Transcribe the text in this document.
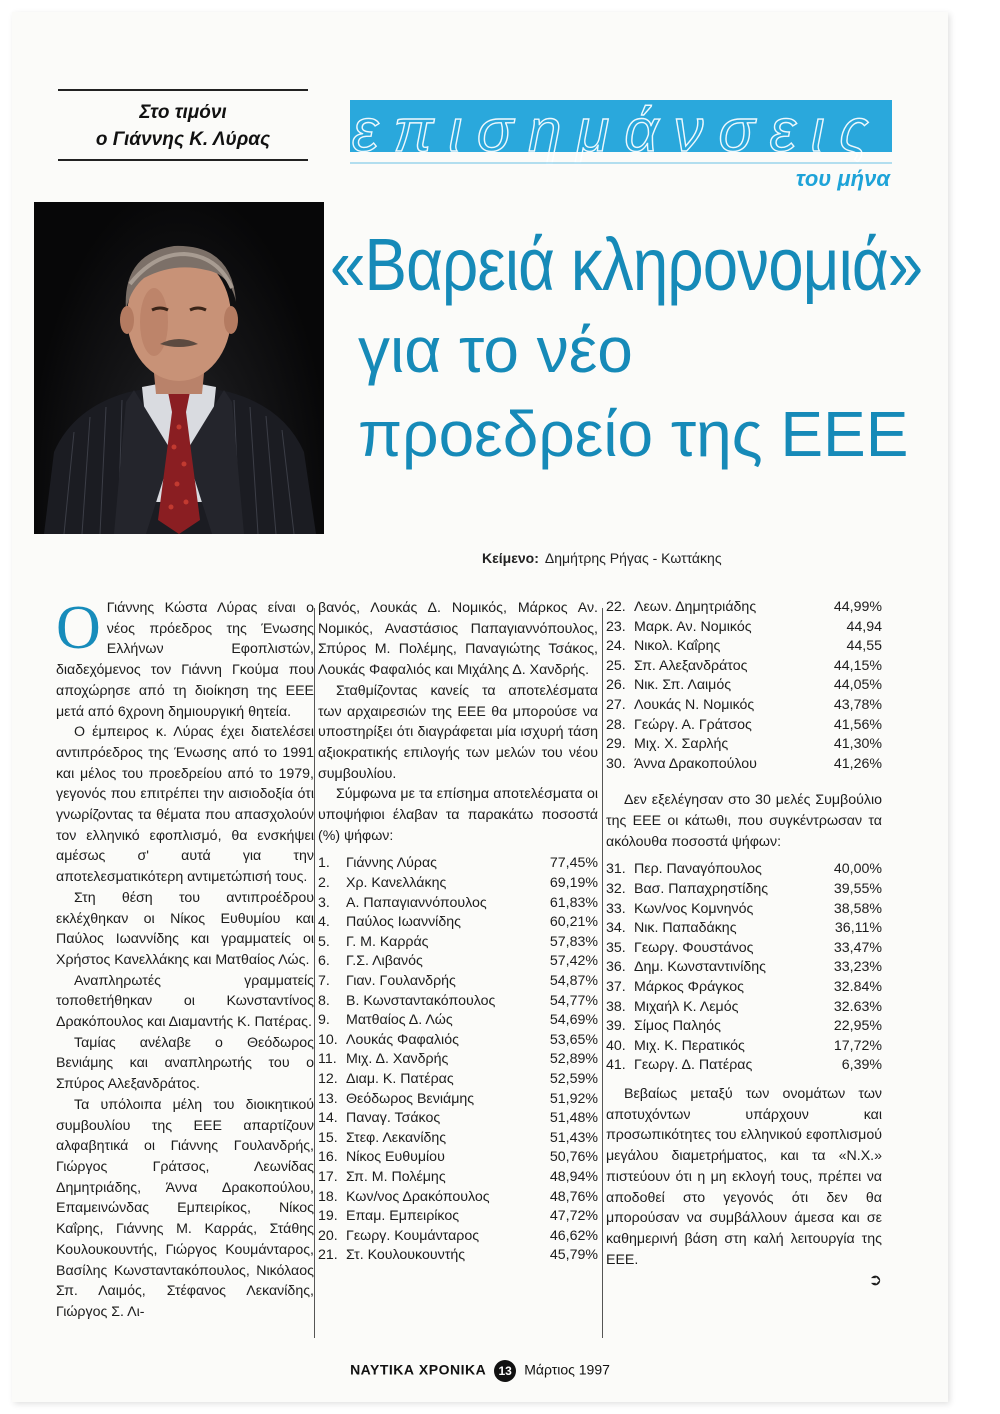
Στο τιμόνι
ο Γιάννης Κ. Λύρας	επισημάνσεις
του μήνα
«Βαρειά κληρονομιά»
για το νέο
προεδρείο της ΕΕΕ
Κείμενο: Δημήτρης Ρήγας - Κωττάκης
Ο Γιάννης Κώστα Λύρας είναι ο νέος πρόεδρος της Ένωσης Ελλήνων Εφοπλιστών, διαδεχόμενος τον Γιάννη Γκούμα που αποχώρησε από τη διοίκηση της ΕΕΕ μετά από 6χρονη δημιουργική θητεία.

Ο έμπειρος κ. Λύρας έχει διατελέσει αντιπρόεδρος της Ένωσης από το 1991 και μέλος του προεδρείου από το 1979, γεγονός που επιτρέπει την αισιοδοξία ότι γνωρίζοντας τα θέματα που απασχολούν τον ελληνικό εφοπλισμό, θα ενσκήψει αμέσως σ' αυτά για την αποτελεσματικότερη αντιμετώπισή τους.

Στη θέση του αντιπροέδρου εκλέχθηκαν οι Νίκος Ευθυμίου και Παύλος Ιωαννίδης και γραμματείς οι Χρήστος Κανελλάκης και Ματθαίος Λώς.

Αναπληρωτές γραμματείς τοποθετήθηκαν οι Κωνσταντίνος Δρακόπουλος και Διαμαντής Κ. Πατέρας.

Ταμίας ανέλαβε ο Θεόδωρος Βενιάμης και αναπληρωτής του ο Σπύρος Αλεξανδράτος.

Τα υπόλοιπα μέλη του διοικητικού συμβουλίου της ΕΕΕ απαρτίζουν αλφαβητικά οι Γιάννης Γουλανδρής, Γιώργος Γράτσος, Λεωνίδας Δημητριάδης, Άννα Δρακοπούλου, Επαμεινώνδας Εμπειρίκος, Νίκος Καΐρης, Γιάννης Μ. Καρράς, Στάθης Κουλουκουντής, Γιώργος Κουμάνταρος, Βασίλης Κωνσταντακόπουλος, Νικόλαος Σπ. Λαιμός, Στέφανος Λεκανίδης, Γιώργος Σ. Λι-

βανός, Λουκάς Δ. Νομικός, Μάρκος Αν. Νομικός, Αναστάσιος Παπαγιαννόπουλος, Σπύρος Μ. Πολέμης, Παναγιώτης Τσάκος, Λουκάς Φαφαλιός και Μιχάλης Δ. Χανδρής.

Σταθμίζοντας κανείς τα αποτελέσματα των αρχαιρεσιών της ΕΕΕ θα μπορούσε να υποστηρίξει ότι διαγράφεται μία ισχυρή τάση αξιοκρατικής επιλογής των μελών του νέου συμβουλίου.

Σύμφωνα με τα επίσημα αποτελέσματα οι υποψήφιοι έλαβαν τα παρακάτω ποσοστά (%) ψήφων:

1.	Γιάννης Λύρας	77,45%
2.	Χρ. Κανελλάκης	69,19%
3.	Α. Παπαγιαννόπουλος	61,83%
4.	Παύλος Ιωαννίδης	60,21%
5.	Γ. Μ. Καρράς	57,83%
6.	Γ.Σ. Λιβανός	57,42%
7.	Γιαν. Γουλανδρής	54,87%
8.	Β. Κωνσταντακόπουλος	54,77%
9.	Ματθαίος Δ. Λώς	54,69%
10.	Λουκάς Φαφαλιός	53,65%
11.	Μιχ. Δ. Χανδρής	52,89%
12.	Διαμ. Κ. Πατέρας	52,59%
13.	Θεόδωρος Βενιάμης	51,92%
14.	Παναγ. Τσάκος	51,48%
15.	Στεφ. Λεκανίδης	51,43%
16.	Νίκος Ευθυμίου	50,76%
17.	Σπ. Μ. Πολέμης	48,94%
18.	Κων/νος Δρακόπουλος	48,76%
19.	Επαμ. Εμπειρίκος	47,72%
20.	Γεωργ. Κουμάνταρος	46,62%
21.	Στ. Κουλουκουντής	45,79%
22.	Λεων. Δημητριάδης	44,99%
23.	Μαρκ. Αν. Νομικός	44,94
24.	Νικολ. Καΐρης	44,55
25.	Σπ. Αλεξανδράτος	44,15%
26.	Νικ. Σπ. Λαιμός	44,05%
27.	Λουκάς Ν. Νομικός	43,78%
28.	Γεώργ. Α. Γράτσος	41,56%
29.	Μιχ. Χ. Σαρλής	41,30%
30.	Άννα Δρακοπούλου	41,26%

Δεν εξελέγησαν στο 30 μελές Συμβούλιο της ΕΕΕ οι κάτωθι, που συγκέντρωσαν τα ακόλουθα ποσοστά ψήφων:

31.	Περ. Παναγόπουλος	40,00%
32.	Βασ. Παπαχρηστίδης	39,55%
33.	Κων/νος Κομνηνός	38,58%
34.	Νικ. Παπαδάκης	36,11%
35.	Γεωργ. Φουστάνος	33,47%
36.	Δημ. Κωνσταντινίδης	33,23%
37.	Μάρκος Φράγκος	32.84%
38.	Μιχαήλ Κ. Λεμός	32.63%
39.	Σίμος Παληός	22,95%
40.	Μιχ. Κ. Περατικός	17,72%
41.	Γεωργ. Δ. Πατέρας	6,39%

Βεβαίως μεταξύ των ονομάτων των αποτυχόντων υπάρχουν και προσωπικότητες του ελληνικού εφοπλισμού μεγάλου διαμετρήματος, και τα «Ν.Χ.» πιστεύουν ότι η μη εκλογή τους, πρέπει να αποδοθεί στο γεγονός ότι δεν θα μπορούσαν να συμβάλλουν άμεσα και σε καθημερινή βάση στη καλή λειτουργία της ΕΕΕ.

➲
ΝΑΥΤΙΚΑ ΧΡΟΝΙΚΑ 13 Μάρτιος 1997
